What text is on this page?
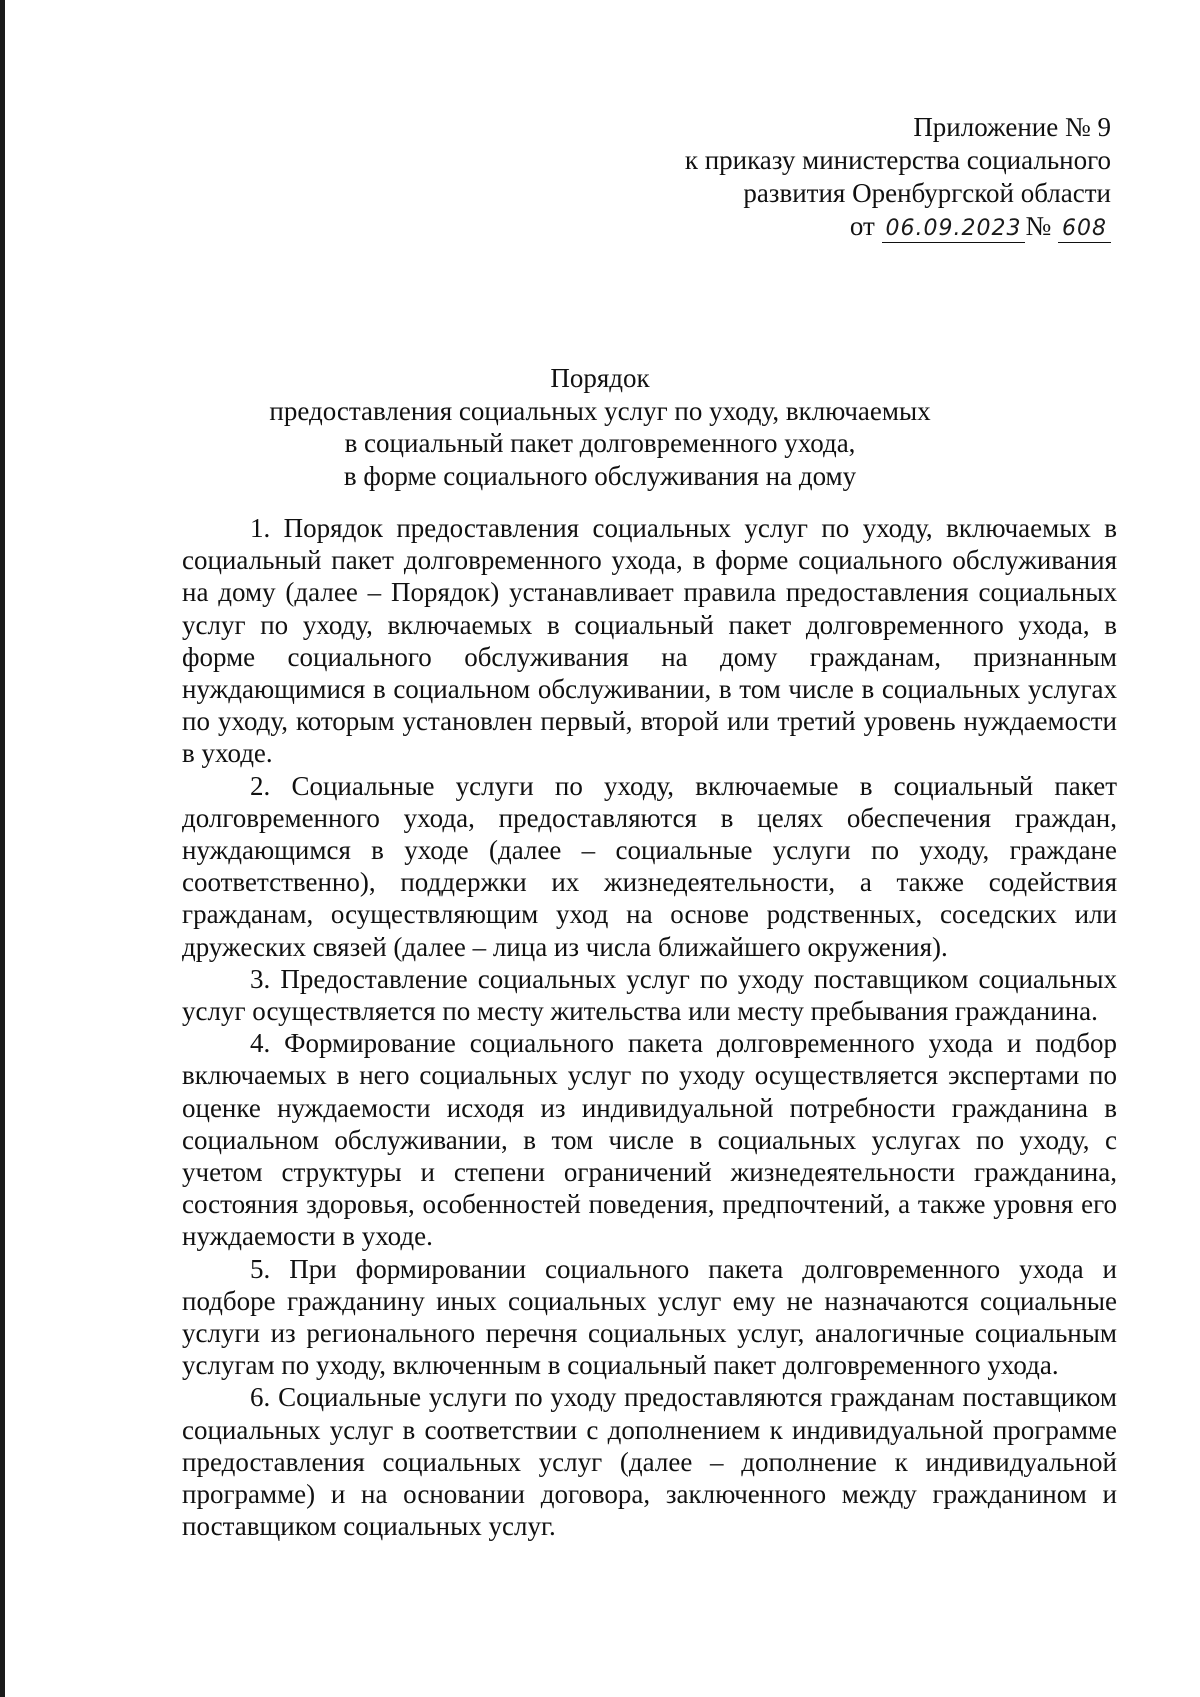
Приложение № 9
к приказу министерства социального
развития Оренбургской области
от 06.09.2023 № 608
Порядок
предоставления социальных услуг по уходу, включаемых
в социальный пакет долговременного ухода,
в форме социального обслуживания на дому

1. Порядок предоставления социальных услуг по уходу, включаемых в социальный пакет долговременного ухода, в форме социального обслуживания на дому (далее – Порядок) устанавливает правила предоставления социальных услуг по уходу, включаемых в социальный пакет долговременного ухода, в форме социального обслуживания на дому гражданам, признанным нуждающимися в социальном обслуживании, в том числе в социальных услугах по уходу, которым установлен первый, второй или третий уровень нуждаемости в уходе.

2. Социальные услуги по уходу, включаемые в социальный пакет долговременного ухода, предоставляются в целях обеспечения граждан, нуждающимся в уходе (далее – социальные услуги по уходу, граждане соответственно), поддержки их жизнедеятельности, а также содействия гражданам, осуществляющим уход на основе родственных, соседских или дружеских связей (далее – лица из числа ближайшего окружения).

3. Предоставление социальных услуг по уходу поставщиком социальных услуг осуществляется по месту жительства или месту пребывания гражданина.

4. Формирование социального пакета долговременного ухода и подбор включаемых в него социальных услуг по уходу осуществляется экспертами по оценке нуждаемости исходя из индивидуальной потребности гражданина в социальном обслуживании, в том числе в социальных услугах по уходу, с учетом структуры и степени ограничений жизнедеятельности гражданина, состояния здоровья, особенностей поведения, предпочтений, а также уровня его нуждаемости в уходе.

5. При формировании социального пакета долговременного ухода и подборе гражданину иных социальных услуг ему не назначаются социальные услуги из регионального перечня социальных услуг, аналогичные социальным услугам по уходу, включенным в социальный пакет долговременного ухода.

6. Социальные услуги по уходу предоставляются гражданам поставщиком социальных услуг в соответствии с дополнением к индивидуальной программе предоставления социальных услуг (далее – дополнение к индивидуальной программе) и на основании договора, заключенного между гражданином и поставщиком социальных услуг.
